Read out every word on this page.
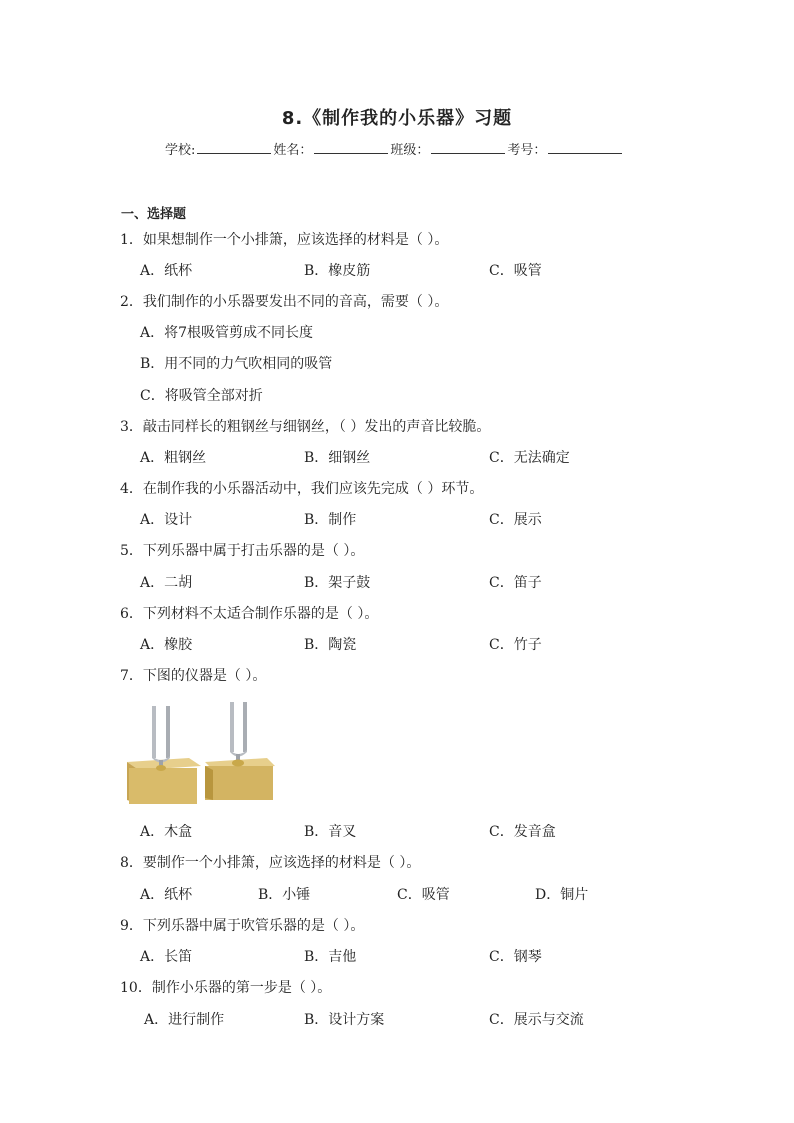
8.《制作我的小乐器》习题
学校:	姓名：	班级：	考号：
一、选择题
1．如果想制作一个小排箫，应该选择的材料是（ ）。
A．纸杯	B．橡皮筋	C．吸管
2．我们制作的小乐器要发出不同的音高，需要（ ）。
A．将7根吸管剪成不同长度
B．用不同的力气吹相同的吸管
C．将吸管全部对折
3．敲击同样长的粗钢丝与细钢丝，（ ）发出的声音比较脆。
A．粗钢丝	B．细钢丝	C．无法确定
4．在制作我的小乐器活动中，我们应该先完成（ ）环节。
A．设计	B．制作	C．展示
5．下列乐器中属于打击乐器的是（ ）。
A．二胡	B．架子鼓	C．笛子
6．下列材料不太适合制作乐器的是（ ）。
A．橡胶	B．陶瓷	C．竹子
7．下图的仪器是（ ）。
A．木盒	B．音叉	C．发音盒
8．要制作一个小排箫，应该选择的材料是（ ）。
A．纸杯	B．小锤	C．吸管	D．铜片
9．下列乐器中属于吹管乐器的是（ ）。
A．长笛	B．吉他	C．钢琴
10．制作小乐器的第一步是（ ）。
A．进行制作	B．设计方案	C．展示与交流
